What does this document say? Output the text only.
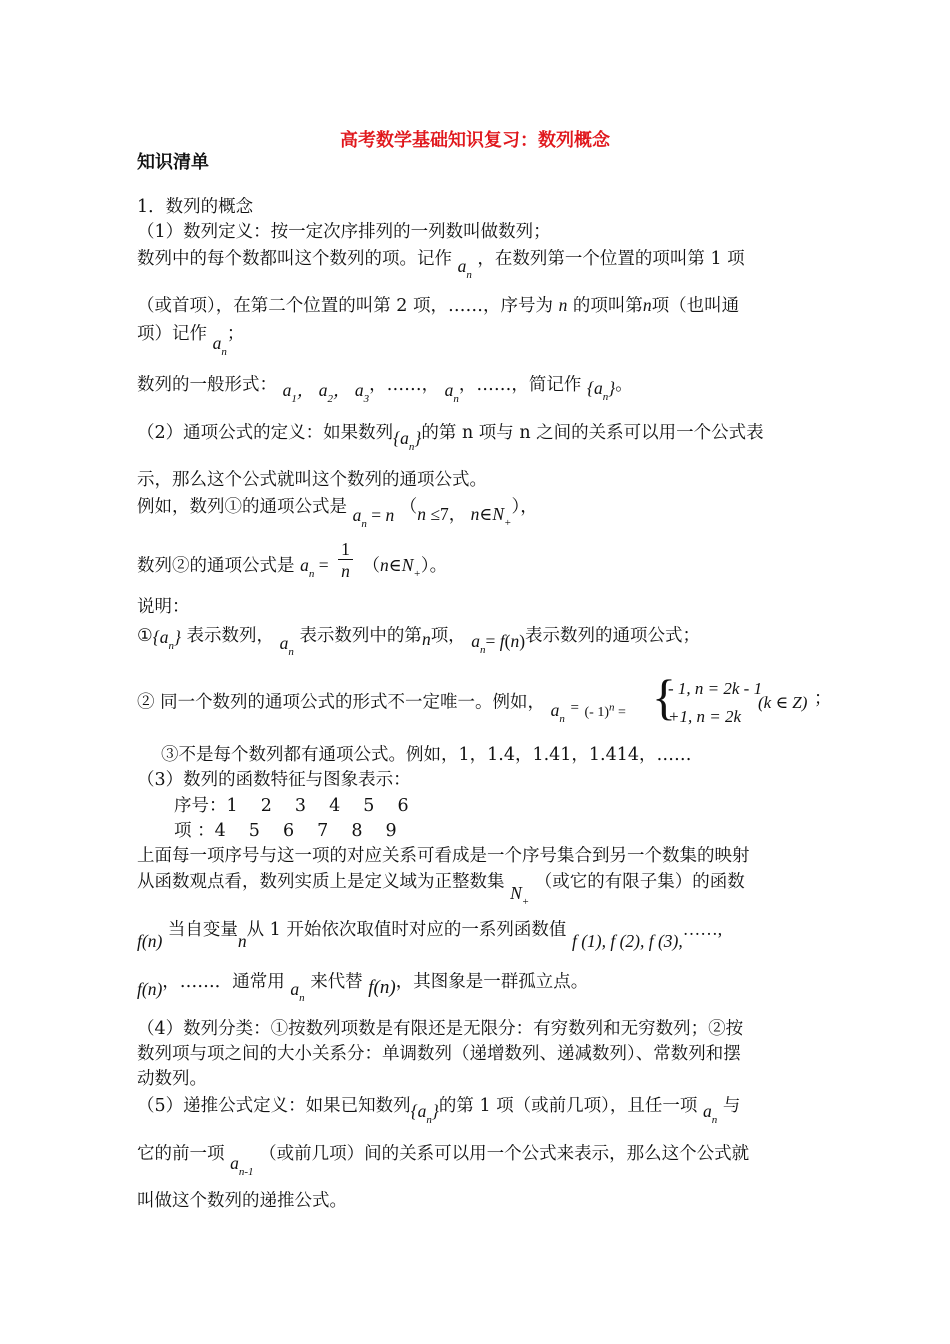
高考数学基础知识复习：数列概念
知识清单
1．数列的概念
（1）数列定义：按一定次序排列的一列数叫做数列；
数列中的每个数都叫这个数列的项。记作 $a_n$ ，在数列第一个位置的项叫第 1 项
（或首项），在第二个位置的叫第 2 项，……，序号为 n 的项叫第n项（也叫通
项）记作 $a_n$；
数列的一般形式： $a_1$， $a_2$， $a_3$，……， $a_n$，……，简记作 $\{a_n\}$。
（2）通项公式的定义：如果数列$\{a_n\}$的第 n 项与 n 之间的关系可以用一个公式表
示，那么这个公式就叫这个数列的通项公式。
例如，数列①的通项公式是 $a_n = n$ （n ≤7， $n\in N_+$），
数列②的通项公式是 $a_n = \frac{1}{n}$ $(n\in N_+)$。
说明：
$①\{a_n\}$ 表示数列， $a_n$ 表示数列中的第n项， $a_n= f(n)$表示数列的通项公式；
② 同一个数列的通项公式的形式不一定唯一。例如， $a_n = _{(- 1)^n =}$ {
- 1, n = 2k - 1
+1, n = 2k
(k ∈ Z) ；
③不是每个数列都有通项公式。例如，1，1.4，1.41，1.414，……
（3）数列的函数特征与图象表示：
序号：1　 2　 3　 4　 5　 6
项 ：4　 5　 6　 7　 8　 9
上面每一项序号与这一项的对应关系可看成是一个序号集合到另一个数集的映射
从函数观点看，数列实质上是定义域为正整数集 $N_+$ （或它的有限子集）的函数
f(n) 当自变量n从 1 开始依次取值时对应的一系列函数值 f (1), f (2), f (3),……,
f(n)，……．通常用 $a_n$ 来代替 f(n)，其图象是一群孤立点。
（4）数列分类：①按数列项数是有限还是无限分：有穷数列和无穷数列；②按
数列项与项之间的大小关系分：单调数列（递增数列、递减数列）、常数列和摆
动数列。
（5）递推公式定义：如果已知数列$\{a_n\}$的第 1 项（或前几项），且任一项 $a_n$ 与
它的前一项 $a_{n-1}$ （或前几项）间的关系可以用一个公式来表示，那么这个公式就
叫做这个数列的递推公式。
